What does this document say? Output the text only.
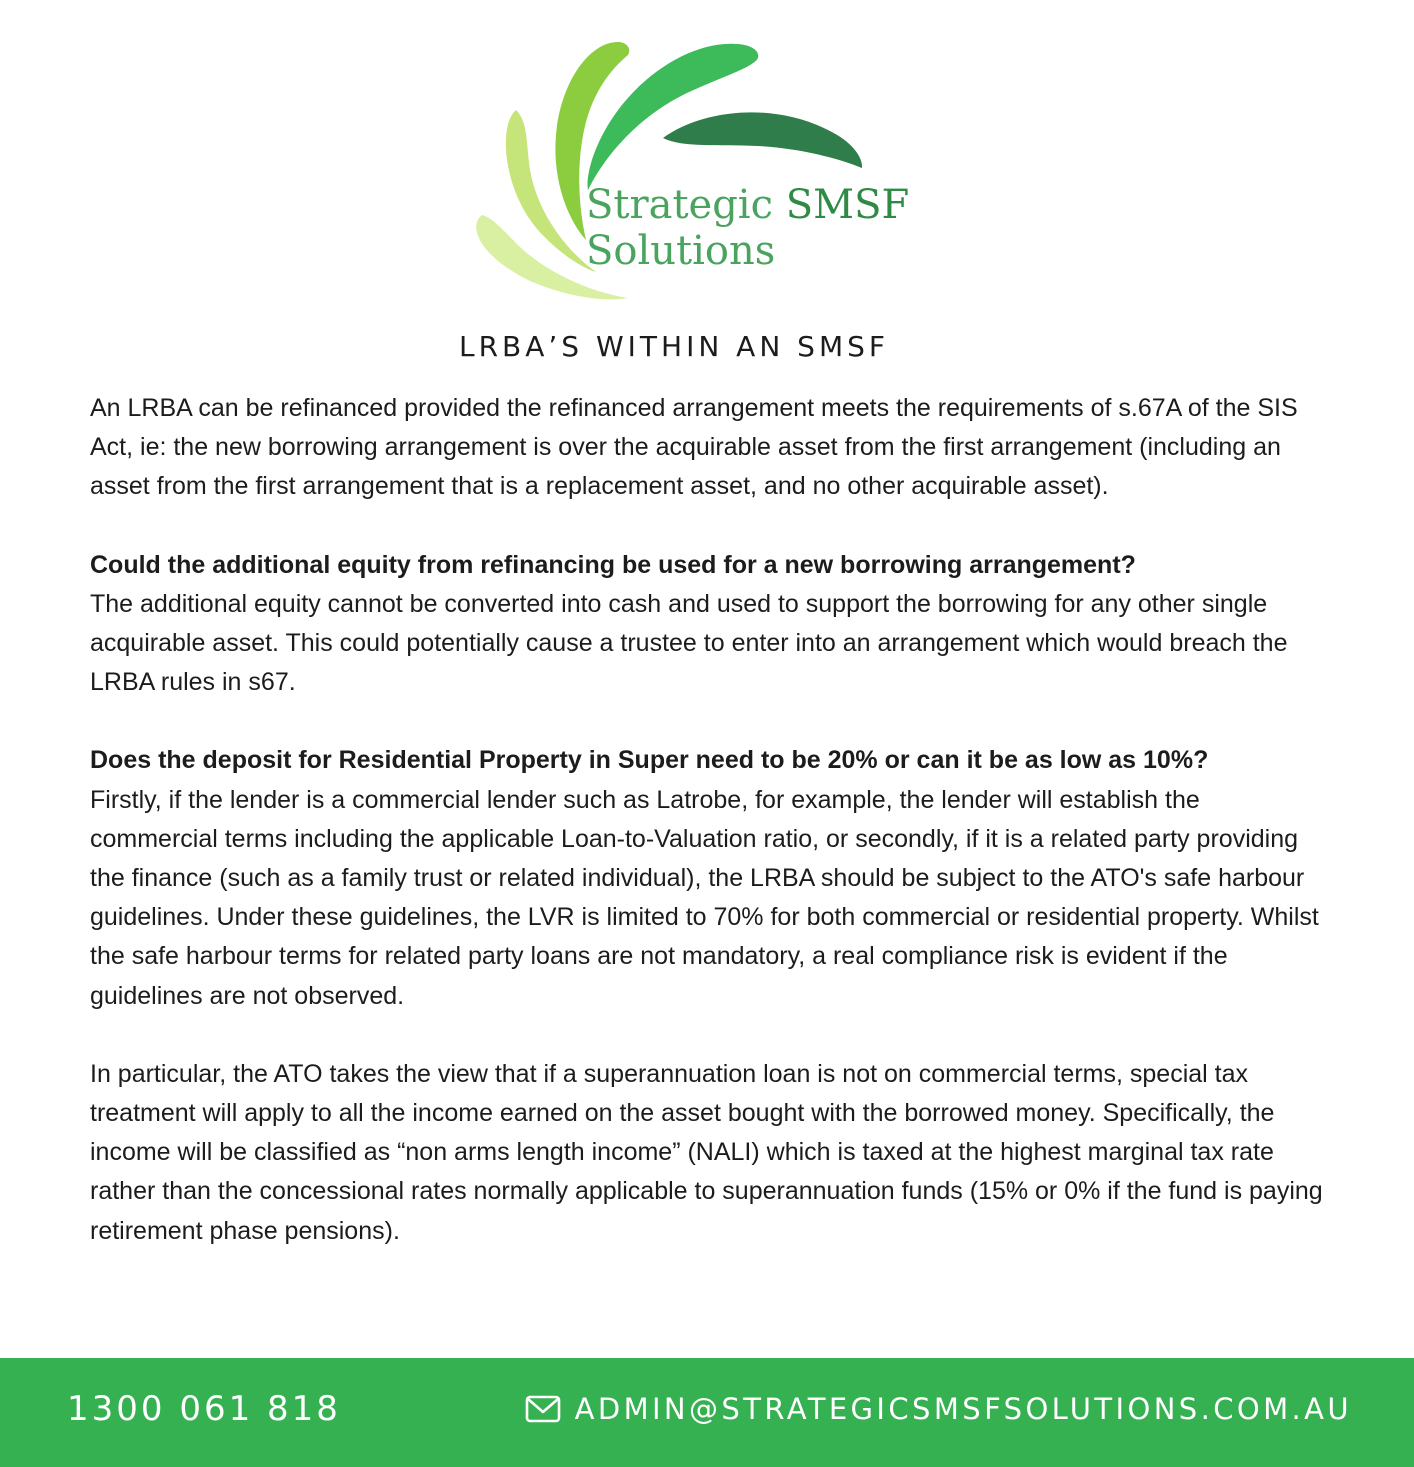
Strategic SMSF
Solutions
LRBA’S WITHIN AN SMSF

An LRBA can be refinanced provided the refinanced arrangement meets the requirements of s.67A of the SIS Act, ie: the new borrowing arrangement is over the acquirable asset from the first arrangement (including an asset from the first arrangement that is a replacement asset, and no other acquirable asset).

Could the additional equity from refinancing be used for a new borrowing arrangement?

The additional equity cannot be converted into cash and used to support the borrowing for any other single acquirable asset. This could potentially cause a trustee to enter into an arrangement which would breach the LRBA rules in s67.

Does the deposit for Residential Property in Super need to be 20% or can it be as low as 10%?

Firstly, if the lender is a commercial lender such as Latrobe, for example, the lender will establish the commercial terms including the applicable Loan-to-Valuation ratio, or secondly, if it is a related party providing the finance (such as a family trust or related individual), the LRBA should be subject to the ATO's safe harbour guidelines. Under these guidelines, the LVR is limited to 70% for both commercial or residential property. Whilst the safe harbour terms for related party loans are not mandatory, a real compliance risk is evident if the guidelines are not observed.

In particular, the ATO takes the view that if a superannuation loan is not on commercial terms, special tax treatment will apply to all the income earned on the asset bought with the borrowed money. Specifically, the income will be classified as “non arms length income” (NALI) which is taxed at the highest marginal tax rate rather than the concessional rates normally applicable to superannuation funds (15% or 0% if the fund is paying retirement phase pensions).

1300 061 818	ADMIN@STRATEGICSMSFSOLUTIONS.COM.AU
